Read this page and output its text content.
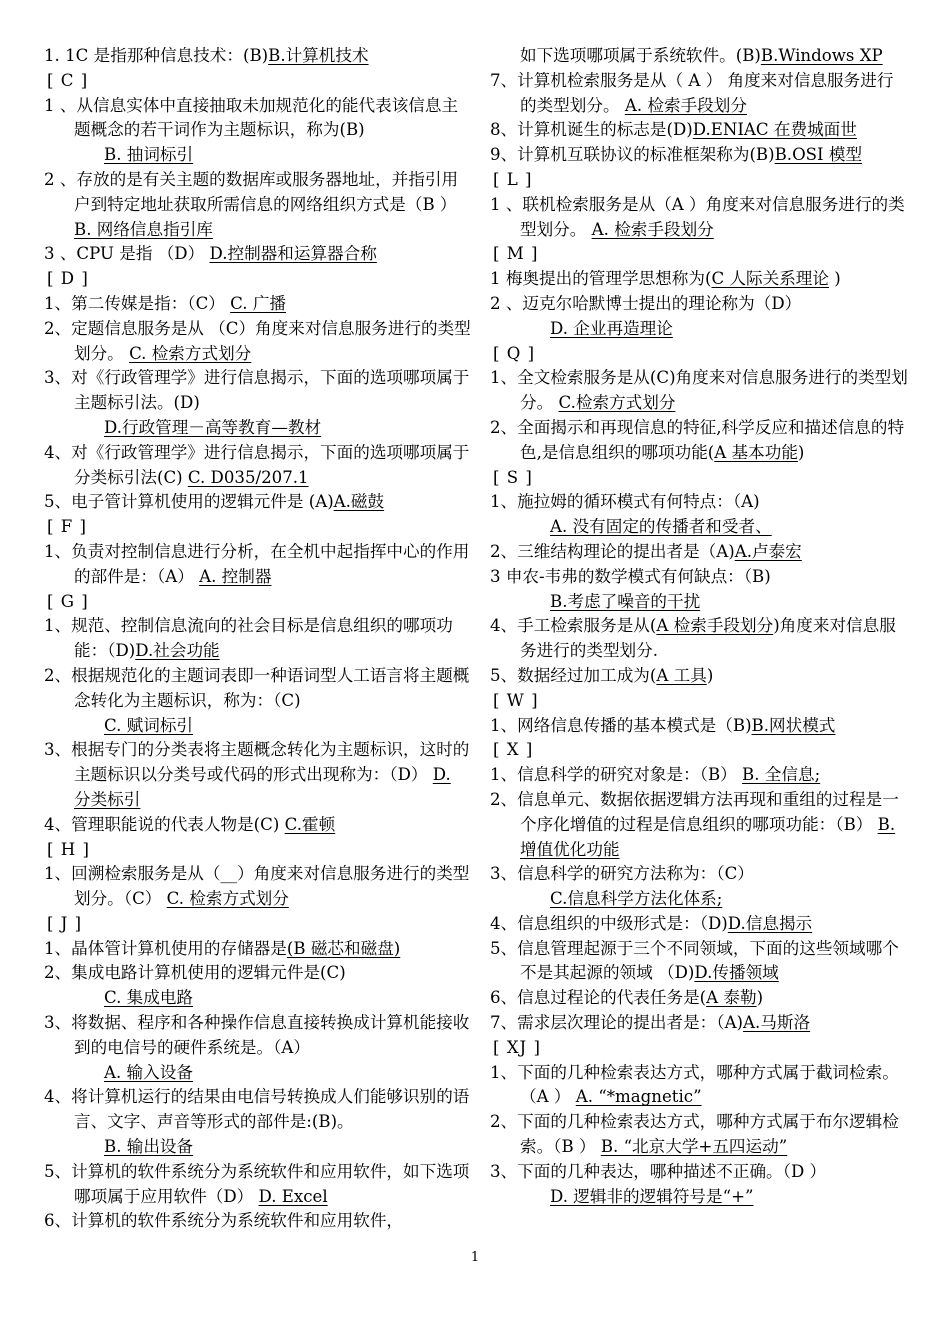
1. 1C 是指那种信息技术：(B)B.计算机技术
[ C ]
1 、从信息实体中直接抽取未加规范化的能代表该信息主题概念的若干词作为主题标识，称为(B)
B. 抽词标引
2 、存放的是有关主题的数据库或服务器地址，并指引用户到特定地址获取所需信息的网络组织方式是（B ） B. 网络信息指引库
3 、CPU 是指 （D） D.控制器和运算器合称
[ D ]
1、第二传媒是指：（C） C. 广播
2、定题信息服务是从 （C）角度来对信息服务进行的类型划分。 C. 检索方式划分
3、对《行政管理学》进行信息揭示，下面的选项哪项属于主题标引法。(D)
D.行政管理－高等教育—教材
4、对《行政管理学》进行信息揭示，下面的选项哪项属于分类标引法(C) C. D035/207.1
5、电子管计算机使用的逻辑元件是 (A)A.磁鼓
[ F ]
1、负责对控制信息进行分析，在全机中起指挥中心的作用的部件是：（A） A. 控制器
[ G ]
1、规范、控制信息流向的社会目标是信息组织的哪项功能：（D)D.社会功能
2、根据规范化的主题词表即一种语词型人工语言将主题概念转化为主题标识，称为：（C)
C. 赋词标引
3、根据专门的分类表将主题概念转化为主题标识，这时的主题标识以分类号或代码的形式出现称为：（D） D. 分类标引
4、管理职能说的代表人物是(C) C.霍顿
[ H ]
1、回溯检索服务是从（__）角度来对信息服务进行的类型划分。（C） C. 检索方式划分
[ J ]
1、晶体管计算机使用的存储器是(B 磁芯和磁盘)
2、集成电路计算机使用的逻辑元件是(C)
C. 集成电路
3、将数据、程序和各种操作信息直接转换成计算机能接收到的电信号的硬件系统是。（A）
A. 输入设备
4、将计算机运行的结果由电信号转换成人们能够识别的语言、文字、声音等形式的部件是:(B)。
B. 输出设备
5、计算机的软件系统分为系统软件和应用软件，如下选项哪项属于应用软件（D） D. Excel
6、计算机的软件系统分为系统软件和应用软件，
如下选项哪项属于系统软件。(B)B.Windows XP
7、计算机检索服务是从（ A ） 角度来对信息服务进行的类型划分。 A. 检索手段划分
8、计算机诞生的标志是(D)D.ENIAC 在费城面世
9、计算机互联协议的标准框架称为(B)B.OSI 模型
[ L ]
1 、联机检索服务是从（A ）角度来对信息服务进行的类型划分。 A. 检索手段划分
[ M ]
1 梅奥提出的管理学思想称为(C 人际关系理论 )
2 、迈克尔哈默博士提出的理论称为（D）
D. 企业再造理论
[ Q ]
1、全文检索服务是从(C)角度来对信息服务进行的类型划分。 C.检索方式划分
2、全面揭示和再现信息的特征,科学反应和描述信息的特色,是信息组织的哪项功能(A 基本功能)
[ S ]
1、施拉姆的循环模式有何特点：（A)
A. 没有固定的传播者和受者、
2、三维结构理论的提出者是（A)A.卢泰宏
3 申农-韦弗的数学模式有何缺点：（B)
B.考虑了噪音的干扰
4、手工检索服务是从(A 检索手段划分)角度来对信息服务进行的类型划分.
5、数据经过加工成为(A 工具)
[ W ]
1、网络信息传播的基本模式是（B)B.网状模式
[ X ]
1、信息科学的研究对象是：（B） B. 全信息;
2、信息单元、数据依据逻辑方法再现和重组的过程是一个序化增值的过程是信息组织的哪项功能：（B） B. 增值优化功能
3、信息科学的研究方法称为：（C）
C.信息科学方法化体系;
4、信息组织的中级形式是：（D)D.信息揭示
5、信息管理起源于三个不同领域，下面的这些领域哪个不是其起源的领域 （D)D.传播领域
6、信息过程论的代表任务是(A 泰勒)
7、需求层次理论的提出者是：（A)A.马斯洛
[ XJ ]
1、下面的几种检索表达方式，哪种方式属于截词检索。（A ） A. “*magnetic”
2、下面的几种检索表达方式，哪种方式属于布尔逻辑检索。（B ） B. “北京大学+五四运动”
3、下面的几种表达，哪种描述不正确。（D ）
D. 逻辑非的逻辑符号是“+”
1
